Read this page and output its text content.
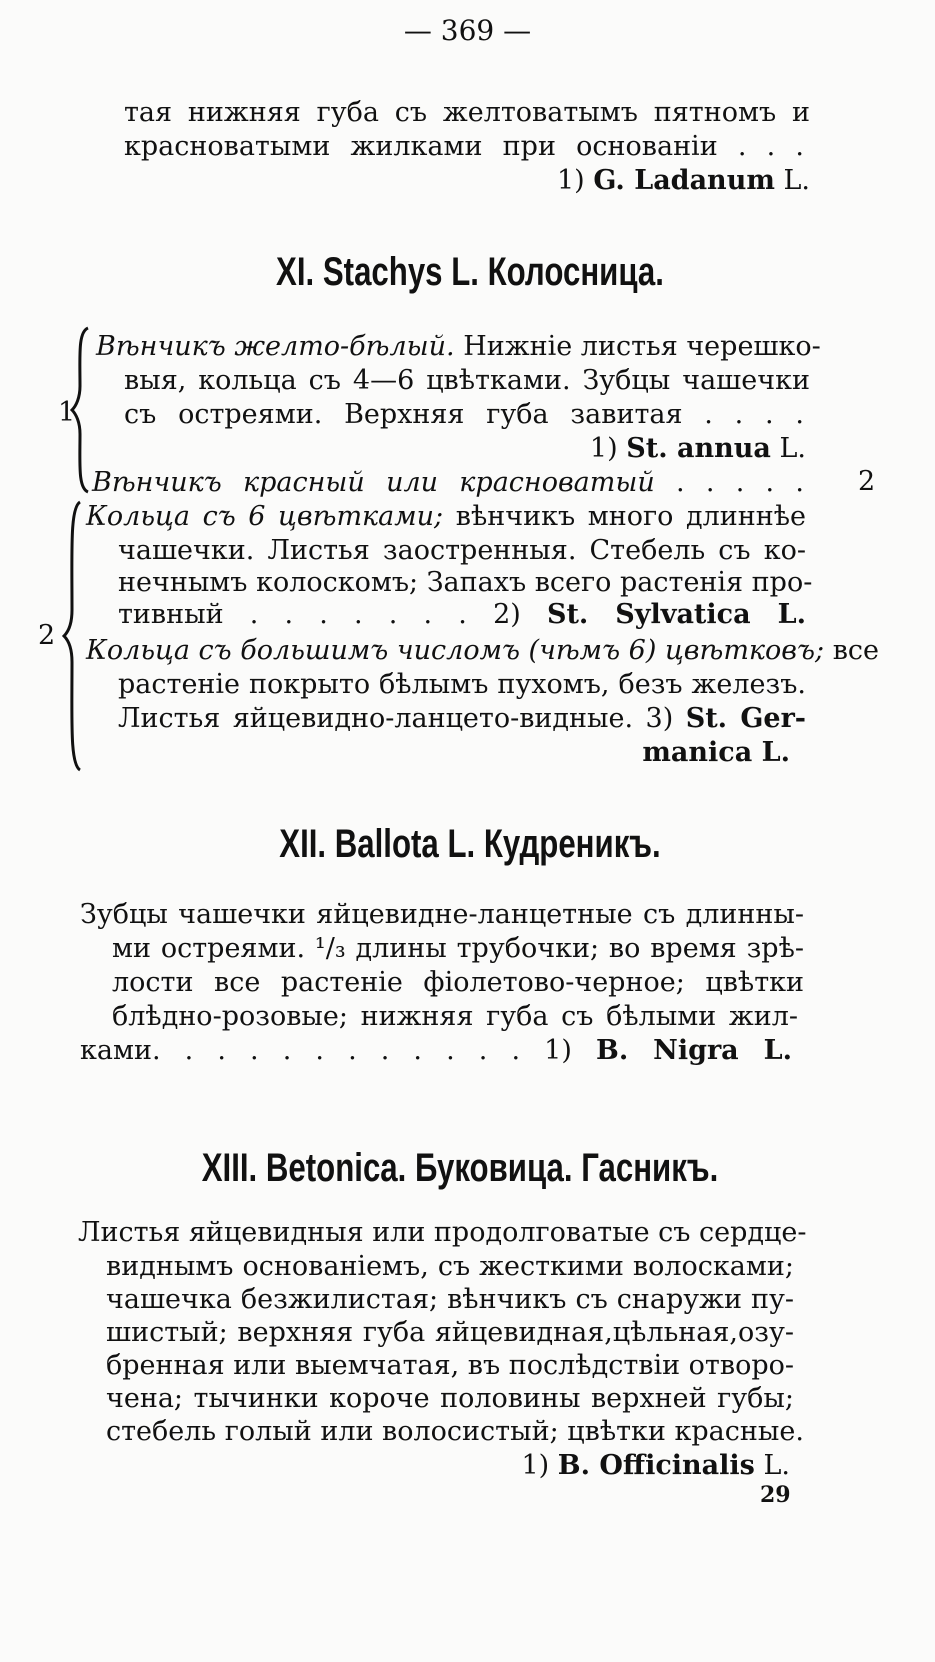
— 369 —
тая нижняя губа съ желтоватымъ пятномъ и
красноватыми жилками при основаніи . . .
1) G. Ladanum L.
XI. Stachys L. Колосница.
1
Вѣнчикъ желто-бѣлый. Нижніе листья черешко-
выя, кольца съ 4—6 цвѣтками. Зубцы чашечки
съ остреями. Верхняя губа завитая . . . .
1) St. annua L.
Вѣнчикъ красный или красноватый . . . . . 2
2
Кольца съ 6 цвѣтками; вѣнчикъ много длиннѣе
чашечки. Листья заостренныя. Стебель съ ко-
нечнымъ колоскомъ; Запахъ всего растенія про-
тивный . . . . . . . 2) St. Sylvatica L.
Кольца съ большимъ числомъ (чѣмъ 6) цвѣтковъ; все
растеніе покрыто бѣлымъ пухомъ, безъ железъ.
Листья яйцевидно-ланцето-видные. 3) St. Ger-
manica L.
XII. Ballota L. Кудреникъ.
Зубцы чашечки яйцевидне-ланцетные съ длинны-
ми остреями. ¹/₃ длины трубочки; во время зрѣ-
лости все растеніе фіолетово-черное; цвѣтки
блѣдно-розовые; нижняя губа съ бѣлыми жил-
ками. . . . . . . . . . . . 1) B. Nigra L.
XIII. Betonica. Буковица. Гасникъ.
Листья яйцевидныя или продолговатые съ сердце-
виднымъ основаніемъ, съ жесткими волосками;
чашечка безжилистая; вѣнчикъ съ снаружи пу-
шистый; верхняя губа яйцевидная,цѣльная,озу-
бренная или выемчатая, въ послѣдствіи отворо-
чена; тычинки короче половины верхней губы;
стебель голый или волосистый; цвѣтки красные.
1) B. Officinalis L.
29
